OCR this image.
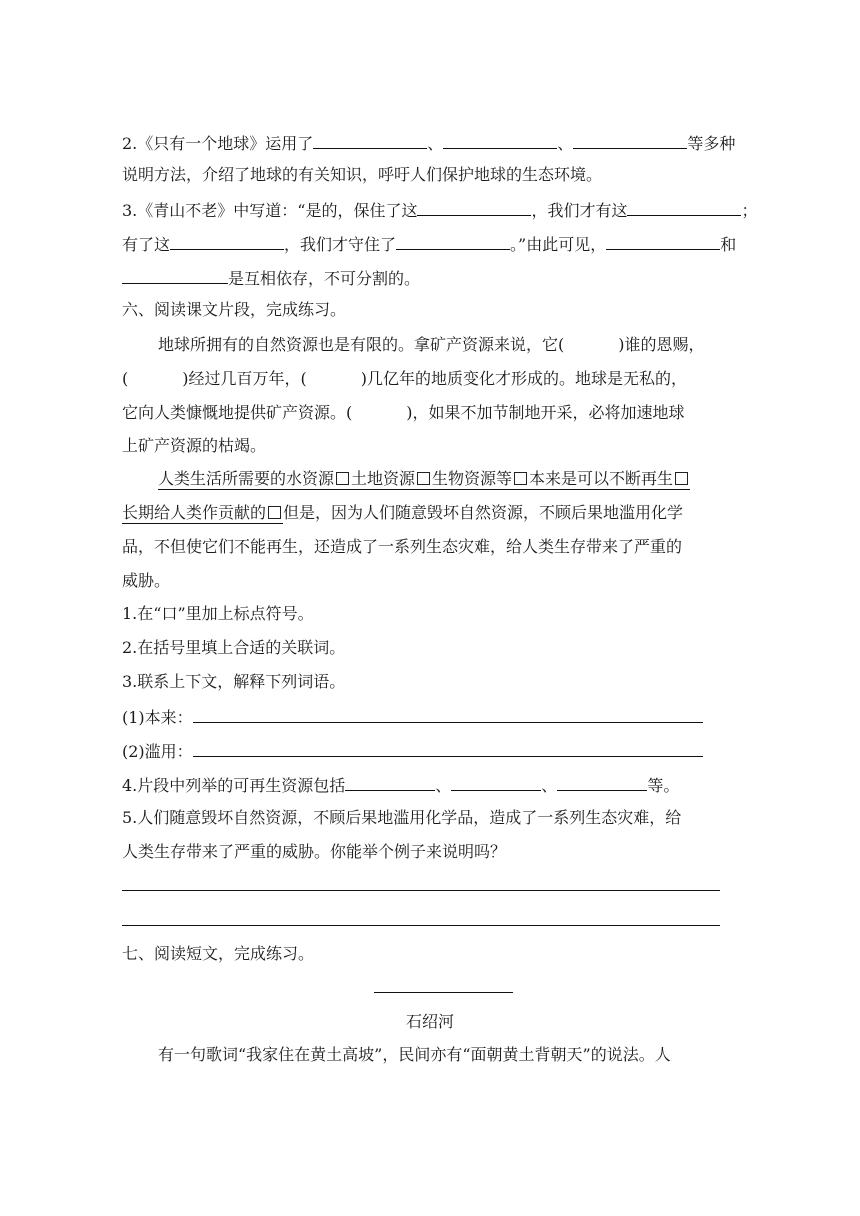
2.《只有一个地球》运用了	、	、	等多种
说明方法，介绍了地球的有关知识，呼吁人们保护地球的生态环境。
3.《青山不老》中写道：“是的，保住了这	，我们才有这	；
有了这	，我们才守住了	。”由此可见，	和
是互相依存，不可分割的。
六、阅读课文片段，完成练习。
地球所拥有的自然资源也是有限的。拿矿产资源来说，它(	)谁的恩赐，
(	)经过几百万年，(	)几亿年的地质变化才形成的。地球是无私的，
它向人类慷慨地提供矿产资源。(	)，如果不加节制地开采，必将加速地球
上矿产资源的枯竭。
人类生活所需要的水资源 土地资源 生物资源等 本来是可以不断再生
长期给人类作贡献的 但是，因为人们随意毁坏自然资源，不顾后果地滥用化学
品，不但使它们不能再生，还造成了一系列生态灾难，给人类生存带来了严重的
威胁。
1.在“口”里加上标点符号。
2.在括号里填上合适的关联词。
3.联系上下文，解释下列词语。
(1)本来：
(2)滥用：
4.片段中列举的可再生资源包括	、	、	等。
5.人们随意毁坏自然资源，不顾后果地滥用化学品，造成了一系列生态灾难，给
人类生存带来了严重的威胁。你能举个例子来说明吗？
七、阅读短文，完成练习。
石绍河
有一句歌词“我家住在黄土高坡”，民间亦有“面朝黄土背朝天”的说法。人
